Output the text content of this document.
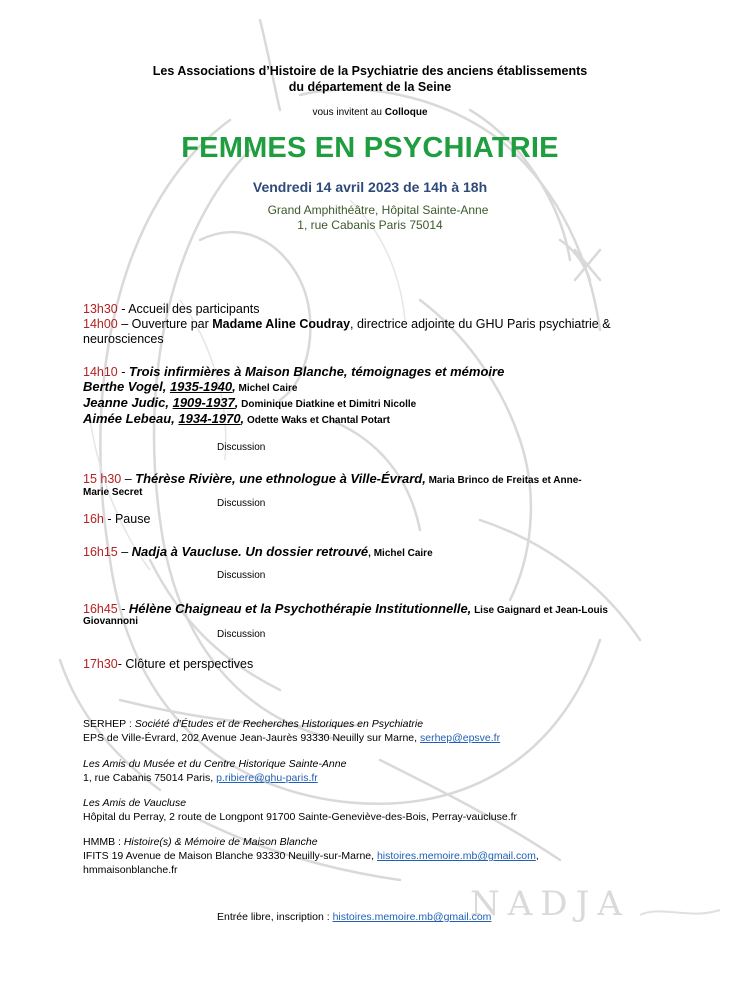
NADJA
Les Associations d’Histoire de la Psychiatrie des anciens établissements
du département de la Seine
vous invitent au Colloque
FEMMES EN PSYCHIATRIE
Vendredi 14 avril 2023 de 14h à 18h
Grand Amphithéâtre, Hôpital Sainte-Anne
1, rue Cabanis Paris 75014
13h30 - Accueil des participants
14h00 – Ouverture par Madame Aline Coudray, directrice adjointe du GHU Paris psychiatrie &
neurosciences
14h10 - Trois infirmières à Maison Blanche, témoignages et mémoire
Berthe Vogel, 1935-1940, Michel Caire
Jeanne Judic, 1909-1937, Dominique Diatkine et Dimitri Nicolle
Aimée Lebeau, 1934-1970, Odette Waks et Chantal Potart
Discussion
15 h30 – Thérèse Rivière, une ethnologue à Ville-Évrard, Maria Brinco de Freitas et Anne-
Marie Secret
Discussion
16h - Pause
16h15 – Nadja à Vaucluse. Un dossier retrouvé, Michel Caire
Discussion
16h45 - Hélène Chaigneau et la Psychothérapie Institutionnelle, Lise Gaignard et Jean-Louis
Giovannoni
Discussion
17h30- Clôture et perspectives
SERHEP : Société d’Études et de Recherches Historiques en Psychiatrie
EPS de Ville-Évrard, 202 Avenue Jean-Jaurès 93330 Neuilly sur Marne, serhep@epsve.fr
Les Amis du Musée et du Centre Historique Sainte-Anne
1, rue Cabanis 75014 Paris, p.ribiere@ghu-paris.fr
Les Amis de Vaucluse
Hôpital du Perray, 2 route de Longpont 91700 Sainte-Geneviève-des-Bois, Perray-vaucluse.fr
HMMB : Histoire(s) & Mémoire de Maison Blanche
IFITS 19 Avenue de Maison Blanche 93330 Neuilly-sur-Marne, histoires.memoire.mb@gmail.com,
hmmaisonblanche.fr
Entrée libre, inscription : histoires.memoire.mb@gmail.com
